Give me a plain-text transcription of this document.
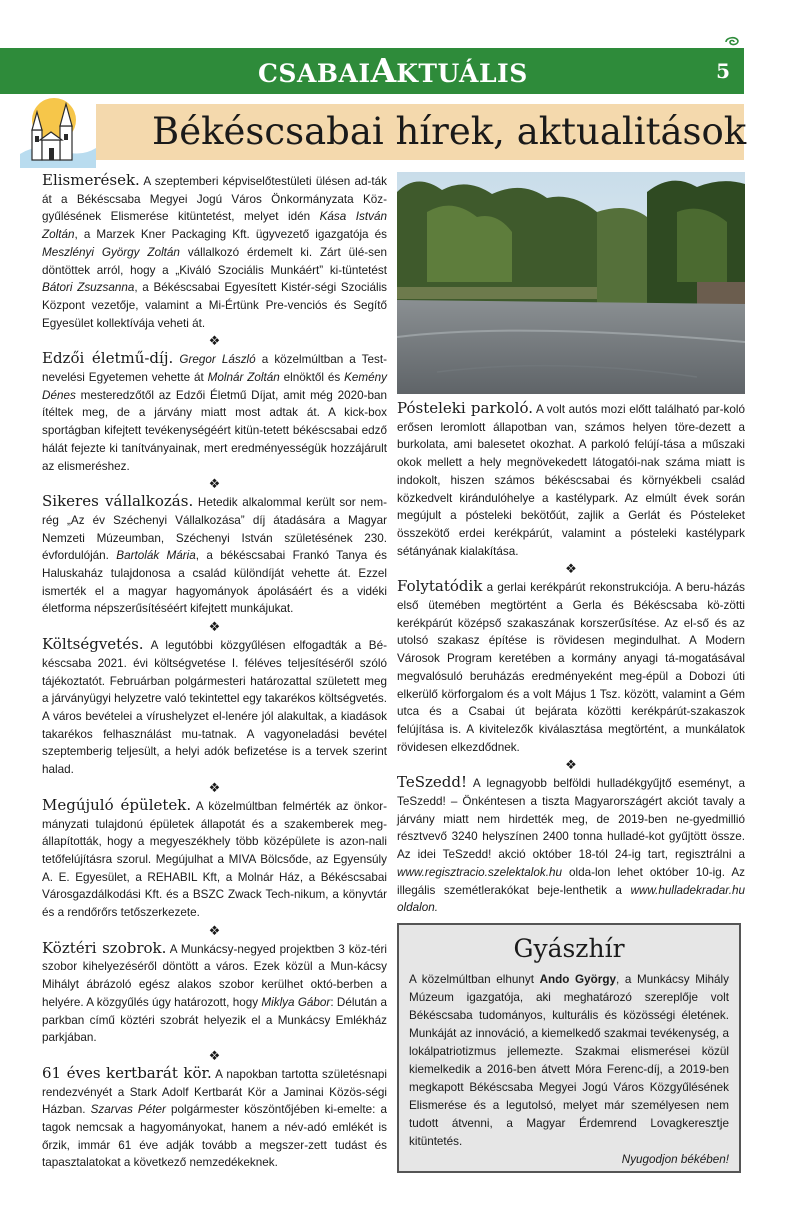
CSABAIAKTUÁLIS	5
Békéscsabai hírek, aktualitások

Elismerések. A szeptemberi képviselőtestületi ülésen ad-ták át a Békéscsaba Megyei Jogú Város Önkormányzata Köz-gyűlésének Elismerése kitüntetést, melyet idén Kása István Zoltán, a Marzek Kner Packaging Kft. ügyvezető igazgatója és Meszlényi György Zoltán vállalkozó érdemelt ki. Zárt ülé-sen döntöttek arról, hogy a „Kiváló Szociális Munkáért” ki-tüntetést Bátori Zsuzsanna, a Békéscsabai Egyesített Kistér-ségi Szociális Központ vezetője, valamint a Mi-Értünk Pre-venciós és Segítő Egyesület kollektívája veheti át.

❖

Edzői életmű-díj. Gregor László a közelmúltban a Test-nevelési Egyetemen vehette át Molnár Zoltán elnöktől és Kemény Dénes mesteredzőtől az Edzői Életmű Díjat, amit még 2020-ban ítéltek meg, de a járvány miatt most adtak át. A kick-box sportágban kifejtett tevékenységéért kitün-tetett békéscsabai edző hálát fejezte ki tanítványainak, mert eredményességük hozzájárult az elismeréshez.

❖

Sikeres vállalkozás. Hetedik alkalommal került sor nem-rég „Az év Széchenyi Vállalkozása” díj átadására a Magyar Nemzeti Múzeumban, Széchenyi István születésének 230. évfordulóján. Bartolák Mária, a békéscsabai Frankó Tanya és Haluskaház tulajdonosa a család különdíját vehette át. Ezzel ismerték el a magyar hagyományok ápolásáért és a vidéki életforma népszerűsítéséért kifejtett munkájukat.

❖

Költségvetés. A legutóbbi közgyűlésen elfogadták a Bé-késcsaba 2021. évi költségvetése I. féléves teljesítéséről szóló tájékoztatót. Februárban polgármesteri határozattal született meg a járványügyi helyzetre való tekintettel egy takarékos költségvetés. A város bevételei a vírushelyzet el-lenére jól alakultak, a kiadások takarékos felhasználást mu-tatnak. A vagyoneladási bevétel szeptemberig teljesült, a helyi adók befizetése is a tervek szerint halad.

❖

Megújuló épületek. A közelmúltban felmérték az önkor-mányzati tulajdonú épületek állapotát és a szakemberek meg-állapították, hogy a megyeszékhely több középülete is azon-nali tetőfelújításra szorul. Megújulhat a MIVA Bölcsőde, az Egyensúly A. E. Egyesület, a REHABIL Kft, a Molnár Ház, a Békéscsabai Városgazdálkodási Kft. és a BSZC Zwack Tech-nikum, a könyvtár és a rendőrőrs tetőszerkezete.

❖

Köztéri szobrok. A Munkácsy-negyed projektben 3 köz-téri szobor kihelyezéséről döntött a város. Ezek közül a Mun-kácsy Mihályt ábrázoló egész alakos szobor kerülhet októ-berben a helyére. A közgyűlés úgy határozott, hogy Miklya Gábor: Délután a parkban című köztéri szobrát helyezik el a Munkácsy Emlékház parkjában.

❖

61 éves kertbarát kör. A napokban tartotta születésnapi rendezvényét a Stark Adolf Kertbarát Kör a Jaminai Közös-ségi Házban. Szarvas Péter polgármester köszöntőjében ki-emelte: a tagok nemcsak a hagyományokat, hanem a név-adó emlékét is őrzik, immár 61 éve adják tovább a megszer-zett tudást és tapasztalatokat a következő nemzedékeknek.

Pósteleki parkoló. A volt autós mozi előtt található par-koló erősen leromlott állapotban van, számos helyen töre-dezett a burkolata, ami balesetet okozhat. A parkoló felújí-tása a műszaki okok mellett a hely megnövekedett látogatói-nak száma miatt is indokolt, hiszen számos békéscsabai és környékbeli család közkedvelt kirándulóhelye a kastélypark. Az elmúlt évek során megújult a pósteleki bekötőút, zajlik a Gerlát és Pósteleket összekötő erdei kerékpárút, valamint a pósteleki kastélypark sétányának kialakítása.

❖

Folytatódik a gerlai kerékpárút rekonstrukciója. A beru-házás első ütemében megtörtént a Gerla és Békéscsaba kö-zötti kerékpárút középső szakaszának korszerűsítése. Az el-ső és az utolsó szakasz építése is rövidesen megindulhat. A Modern Városok Program keretében a kormány anyagi tá-mogatásával megvalósuló beruházás eredményeként meg-épül a Dobozi úti elkerülő körforgalom és a volt Május 1 Tsz. között, valamint a Gém utca és a Csabai út bejárata közötti kerékpárút-szakaszok felújítása is. A kivitelezők kiválasztása megtörtént, a munkálatok rövidesen elkezdődnek.

❖

TeSzedd! A legnagyobb belföldi hulladékgyűjtő eseményt, a TeSzedd! – Önkéntesen a tiszta Magyarországért akciót tavaly a járvány miatt nem hirdették meg, de 2019-ben ne-gyedmillió résztvevő 3240 helyszínen 2400 tonna hulladé-kot gyűjtött össze. Az idei TeSzedd! akció október 18-tól 24-ig tart, regisztrálni a www.regisztracio.szelektalok.hu olda-lon lehet október 10-ig. Az illegális szemétlerakókat beje-lenthetik a www.hulladekradar.hu oldalon.

Gyászhír

A közelmúltban elhunyt Ando György, a Munkácsy Mihály Múzeum igazgatója, aki meghatározó szereplője volt Békéscsaba tudományos, kulturális és közösségi életének. Munkáját az innováció, a kiemelkedő szakmai tevékenység, a lokálpatriotizmus jellemezte. Szakmai elismerései közül kiemelkedik a 2016-ben átvett Móra Ferenc-díj, a 2019-ben megkapott Békéscsaba Megyei Jogú Város Közgyűlésének Elismerése és a legutolsó, melyet már személyesen nem tudott átvenni, a Magyar Érdemrend Lovagkeresztje kitüntetés.

Nyugodjon békében!
